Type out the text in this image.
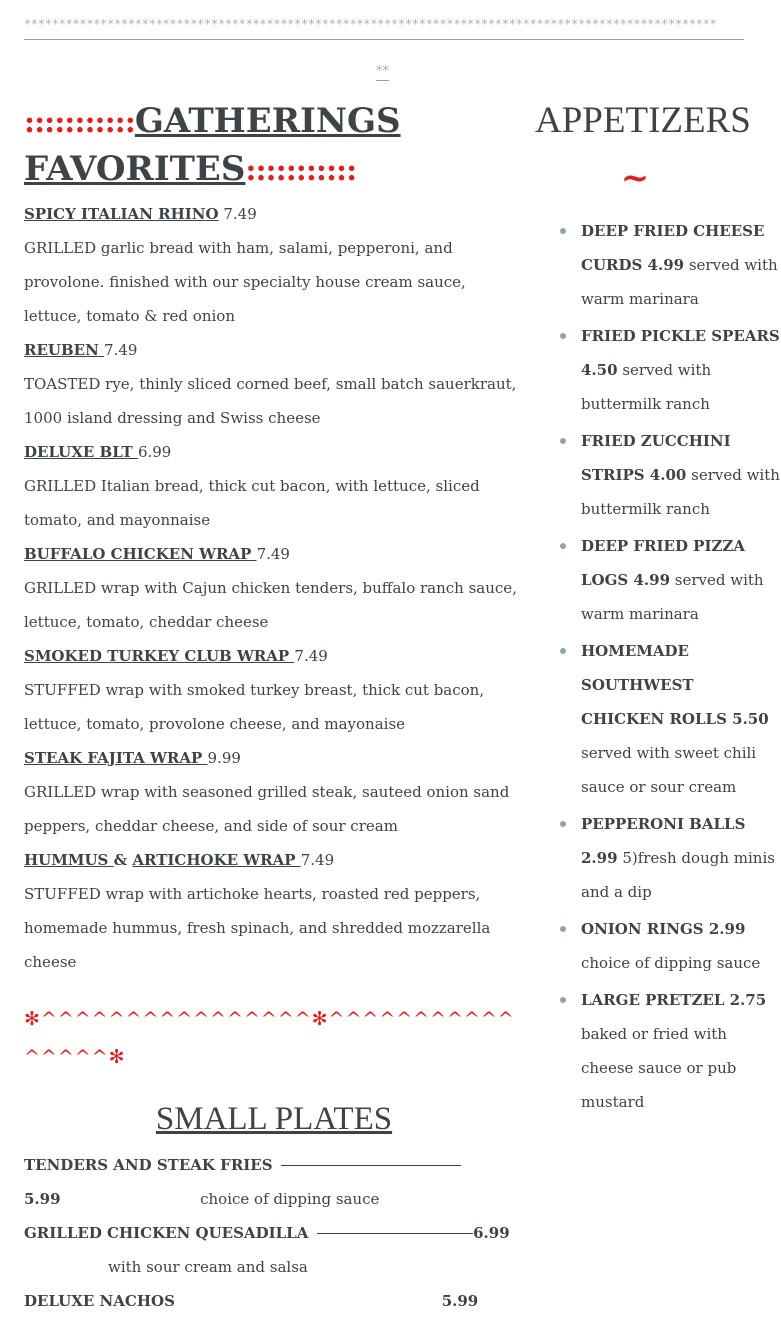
****************************************************************************************************
**
:::::::::::GATHERINGS
FAVORITES:::::::::::

SPICY ITALIAN RHINO 7.49

GRILLED garlic bread with ham, salami, pepperoni, and provolone. finished with our specialty house cream sauce, lettuce, tomato & red onion

REUBEN 7.49

TOASTED rye, thinly sliced corned beef, small batch sauerkraut, 1000 island dressing and Swiss cheese

DELUXE BLT 6.99

GRILLED Italian bread, thick cut bacon, with lettuce, sliced tomato, and mayonnaise

BUFFALO CHICKEN WRAP 7.49

GRILLED wrap with Cajun chicken tenders, buffalo ranch sauce, lettuce, tomato, cheddar cheese

SMOKED TURKEY CLUB WRAP 7.49

STUFFED wrap with smoked turkey breast, thick cut bacon, lettuce, tomato, provolone cheese, and mayonaise

STEAK FAJITA WRAP 9.99

GRILLED wrap with seasoned grilled steak, sauteed onion sand peppers, cheddar cheese, and side of sour cream

HUMMUS & ARTICHOKE WRAP 7.49

STUFFED wrap with artichoke hearts, roasted red peppers, homemade hummus, fresh spinach, and shredded mozzarella cheese

✻^^^^^^^^^^^^^^^^✻^^^^^^^^^^^^^^^^✻
SMALL PLATES

TENDERS AND STEAK FRIES

5.99	choice of dipping sauce

GRILLED CHICKEN QUESADILLA	6.99

with sour cream and salsa

DELUXE NACHOS	5.99

APPETIZERS
~
DEEP FRIED CHEESE CURDS 4.99 served with warm marinara
FRIED PICKLE SPEARS 4.50 served with buttermilk ranch
FRIED ZUCCHINI STRIPS 4.00 served with buttermilk ranch
DEEP FRIED PIZZA LOGS 4.99 served with warm marinara
HOMEMADE SOUTHWEST CHICKEN ROLLS 5.50 served with sweet chili sauce or sour cream
PEPPERONI BALLS 2.99 5)fresh dough minis and a dip
ONION RINGS 2.99 choice of dipping sauce
LARGE PRETZEL 2.75 baked or fried with cheese sauce or pub mustard
